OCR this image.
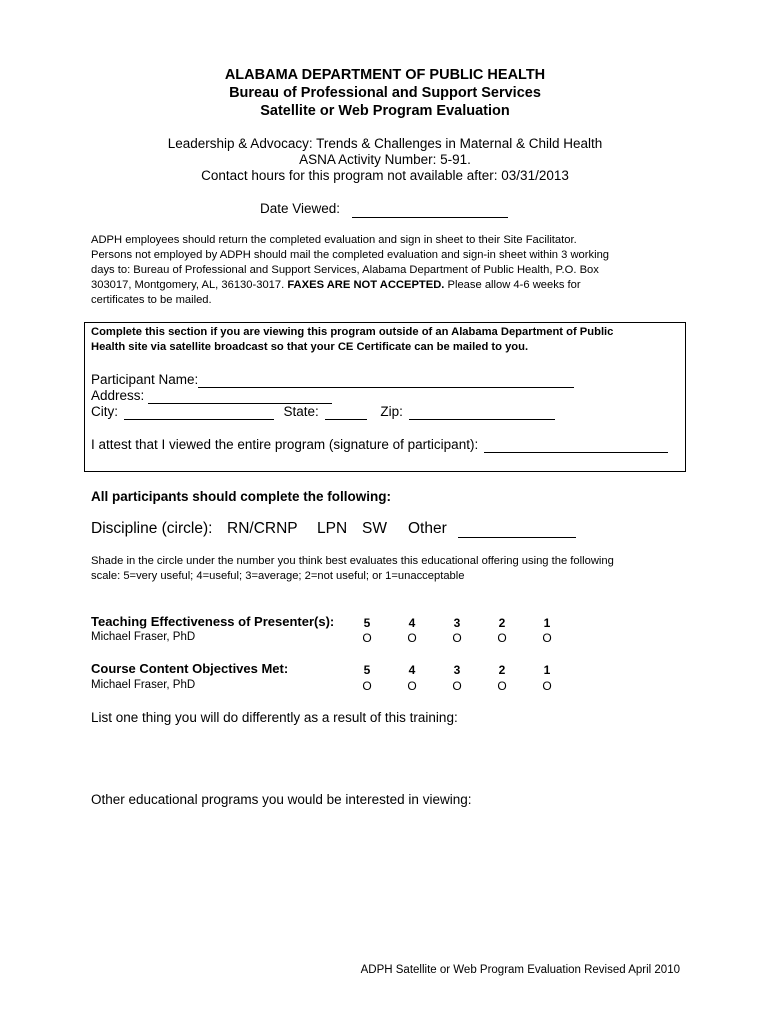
ALABAMA DEPARTMENT OF PUBLIC HEALTH
Bureau of Professional and Support Services
Satellite or Web Program Evaluation
Leadership & Advocacy: Trends & Challenges in Maternal & Child Health
ASNA Activity Number: 5-91.
Contact hours for this program not available after: 03/31/2013
Date Viewed:
ADPH employees should return the completed evaluation and sign in sheet to their Site Facilitator.
Persons not employed by ADPH should mail the completed evaluation and sign-in sheet within 3 working
days to: Bureau of Professional and Support Services, Alabama Department of Public Health, P.O. Box
303017, Montgomery, AL, 36130-3017. FAXES ARE NOT ACCEPTED. Please allow 4-6 weeks for
certificates to be mailed.
Complete this section if you are viewing this program outside of an Alabama Department of Public
Health site via satellite broadcast so that your CE Certificate can be mailed to you.
Participant Name:
Address:
City:	State:	Zip:
I attest that I viewed the entire program (signature of participant):
All participants should complete the following:
Discipline (circle): RN/CRNP LPN SW Other
Shade in the circle under the number you think best evaluates this educational offering using the following
scale: 5=very useful; 4=useful; 3=average; 2=not useful; or 1=unacceptable
Teaching Effectiveness of Presenter(s):
Michael Fraser, PhD
5	4	3	2	1
O	O	O	O	O
Course Content Objectives Met:
Michael Fraser, PhD
5	4	3	2	1
O	O	O	O	O
List one thing you will do differently as a result of this training:
Other educational programs you would be interested in viewing:
ADPH Satellite or Web Program Evaluation Revised April 2010
